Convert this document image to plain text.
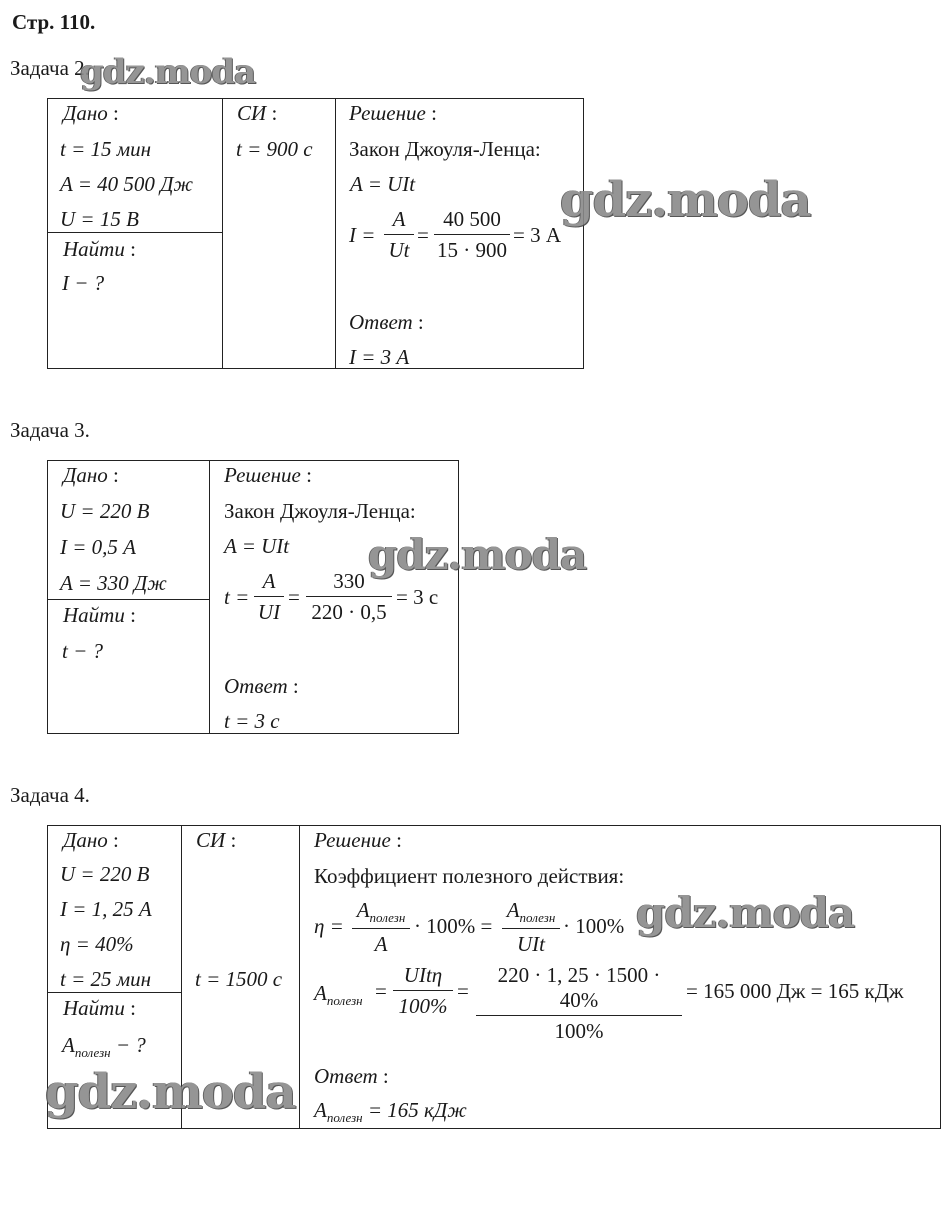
Стр. 110.
Задача 2.
Дано :
t = 15 мин
A = 40 500 Дж
U = 15 В
Найти :
I − ?
СИ :
t = 900 с
Решение :
Закон Джоуля-Ленца:
A = UIt
$I = \frac{A}{Ut} = \frac{40 500}{15 \cdot 900} = 3$ А
Ответ :
I = 3 А
Задача 3.
Дано :
U = 220 В
I = 0,5 А
A = 330 Дж
Найти :
t − ?
Решение :
Закон Джоуля-Ленца:
A = UIt
$t = \frac{A}{UI} = \frac{330}{220 \cdot 0,5} = 3$ с
Ответ :
t = 3 с
Задача 4.
Дано :
U = 220 В
I = 1, 25 А
η = 40%
t = 25 мин
Найти :
$A_{полезн}$ − ?
СИ :
t = 1500 с
Решение :
Коэффициент полезного действия:
η =
$A_{полезн}$
A
· 100% =
$A_{полезн}$
UIt
· 100%
$A_{полезн}$ =
UItη
100%
= $\frac{220 \cdot 1, 25 \cdot 1500 \cdot 40\%}{100\%} = 165$ 000 Дж = 165 кДж
Ответ :
$A_{полезн} = 165$ кДж
gdz.moda
gdz.moda
gdz.moda
gdz.moda
gdz.moda
